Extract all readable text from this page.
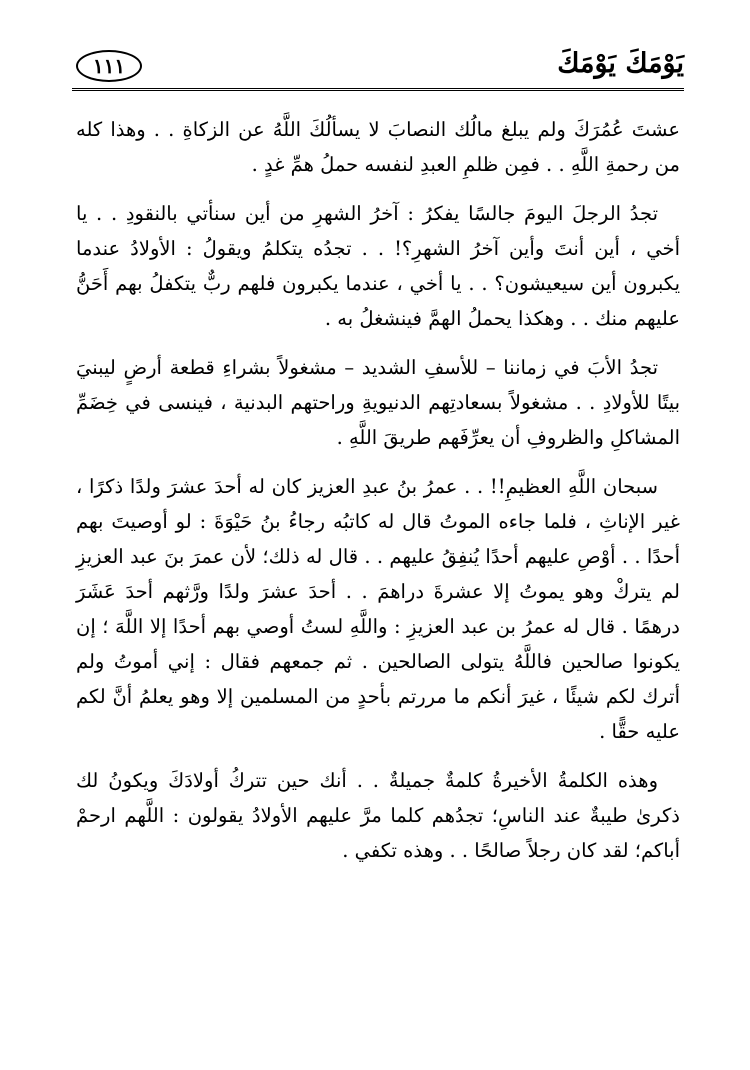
يَوْمَكَ يَوْمَكَ
١١١

عشتَ عُمُرَكَ ولم يبلغ مالُك النصابَ لا يسألُكَ اللَّهُ عن الزكاةِ . . وهذا كله من رحمةِ اللَّهِ . . فمِن ظلمِ العبدِ لنفسه حملُ همِّ غدٍ .

تجدُ الرجلَ اليومَ جالسًا يفكرُ : آخرُ الشهرِ من أين سنأتي بالنقودِ . . يا أخي ، أين أنتَ وأين آخرُ الشهرِ؟! . . تجدُه يتكلمُ ويقولُ : الأولادُ عندما يكبرون أين سيعيشون؟ . . يا أخي ، عندما يكبرون فلهم ربٌّ يتكفلُ بهم أَحَنُّ عليهم منك . . وهكذا يحملُ الهمَّ فينشغلُ به .

تجدُ الأبَ في زماننا – للأسفِ الشديد – مشغولاً بشراءِ قطعة أرضٍ ليبنيَ بيتًا للأولادِ . . مشغولاً بسعادتِهم الدنيويةِ وراحتهم البدنية ، فينسى في خِضَمِّ المشاكلِ والظروفِ أن يعرِّفَهم طريقَ اللَّهِ .

سبحان اللَّهِ العظيمِ!! . . عمرُ بنُ عبدِ العزيز كان له أحدَ عشرَ ولدًا ذكرًا ، غير الإناثِ ، فلما جاءه الموتُ قال له كاتبُه رجاءُ بنُ حَيْوَةَ : لو أوصيتَ بهم أحدًا . . أوْصِ عليهم أحدًا يُنفِقُ عليهم . . قال له ذلك؛ لأن عمرَ بنَ عبد العزيزِ لم يتركْ وهو يموتُ إلا عشرةَ دراهمَ . . أحدَ عشرَ ولدًا ورَّثهم أحدَ عَشَرَ درهمًا . قال له عمرُ بن عبد العزيزِ : واللَّهِ لستُ أوصي بهم أحدًا إلا اللَّهَ ؛ إن يكونوا صالحين فاللَّهُ يتولى الصالحين . ثم جمعهم فقال : إني أموتُ ولم أترك لكم شيئًا ، غيرَ أنكم ما مررتم بأحدٍ من المسلمين إلا وهو يعلمُ أنَّ لكم عليه حقًّا .

وهذه الكلمةُ الأخيرةُ كلمةٌ جميلةٌ . . أنك حين تتركُ أولادَكَ ويكونُ لك ذكرىٰ طيبةٌ عند الناسِ؛ تجدُهم كلما مرَّ عليهم الأولادُ يقولون : اللَّهم ارحمْ أباكم؛ لقد كان رجلاً صالحًا . . وهذه تكفي .
